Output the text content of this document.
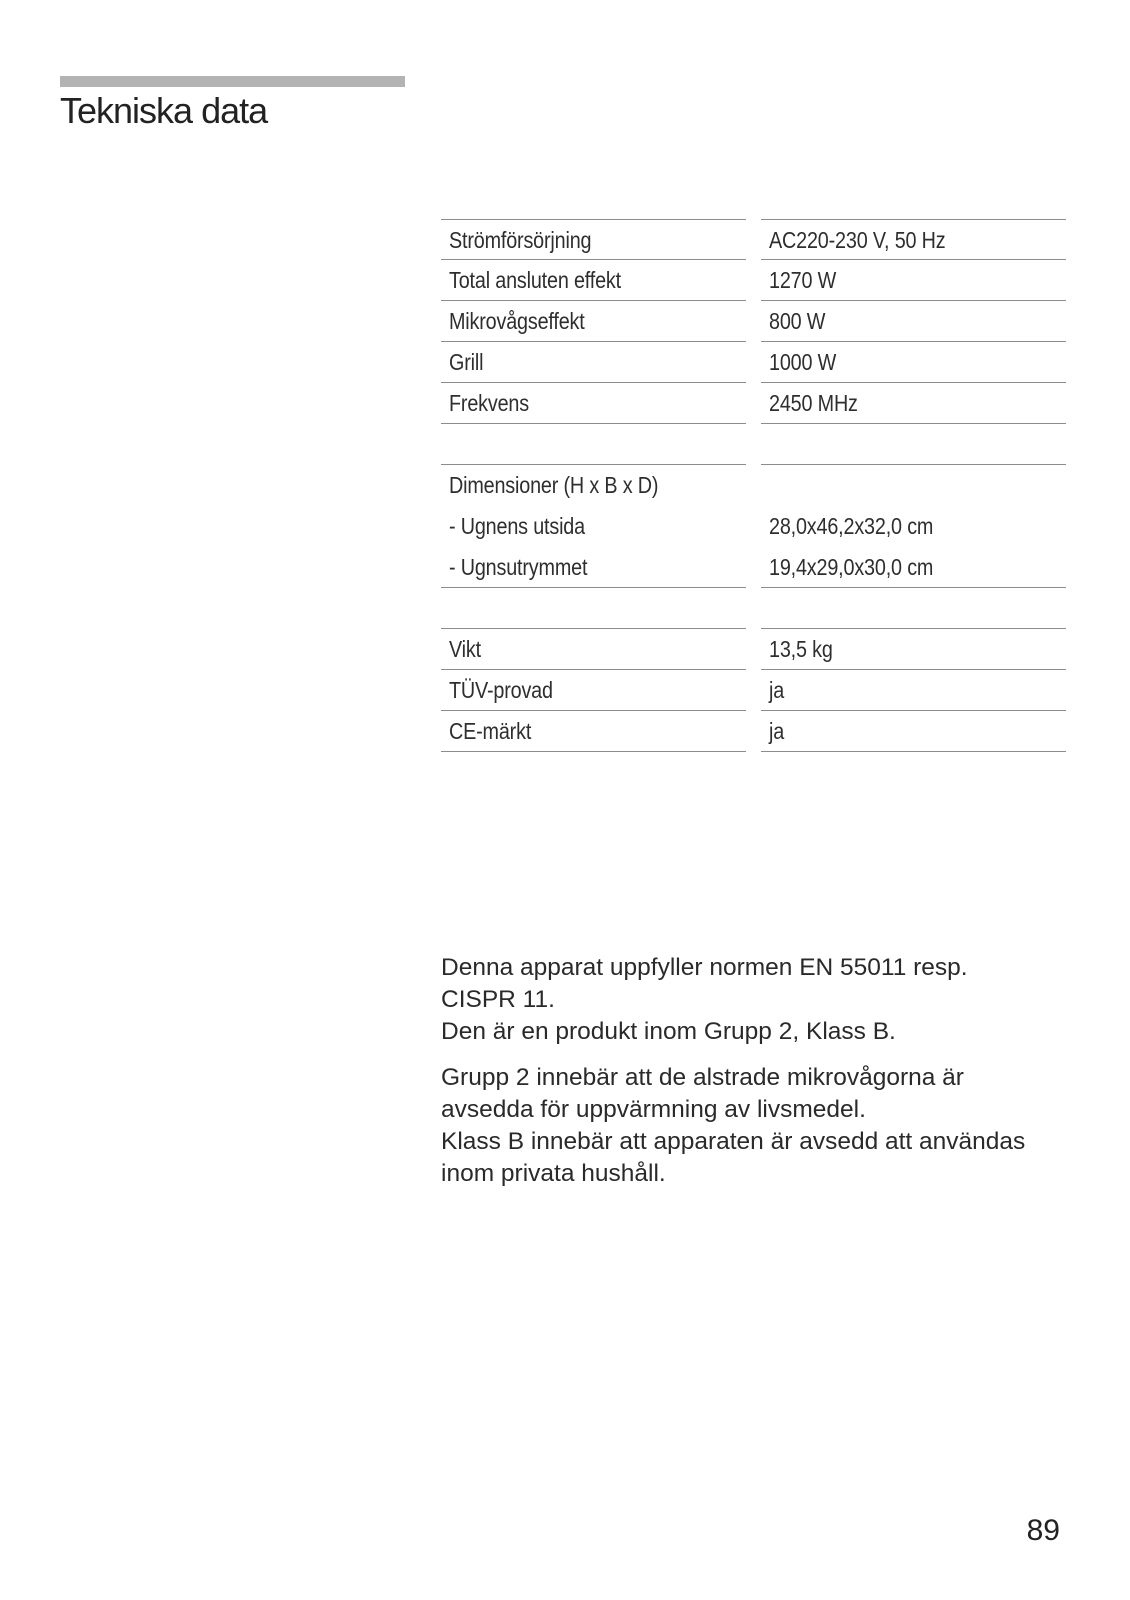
Tekniska data
Strömförsörjning
Total ansluten effekt
Mikrovågseffekt
Grill
Frekvens
Dimensioner (H x B x D)
- Ugnens utsida
- Ugnsutrymmet
Vikt
TÜV-provad
CE-märkt
AC220-230 V, 50 Hz
1270 W
800 W
1000 W
2450 MHz
28,0x46,2x32,0 cm
19,4x29,0x30,0 cm
13,5 kg
ja
ja

Denna apparat uppfyller normen EN 55011 resp.
CISPR 11.
Den är en produkt inom Grupp 2, Klass B.

Grupp 2 innebär att de alstrade mikrovågorna är
avsedda för uppvärmning av livsmedel.
Klass B innebär att apparaten är avsedd att användas
inom privata hushåll.

89
